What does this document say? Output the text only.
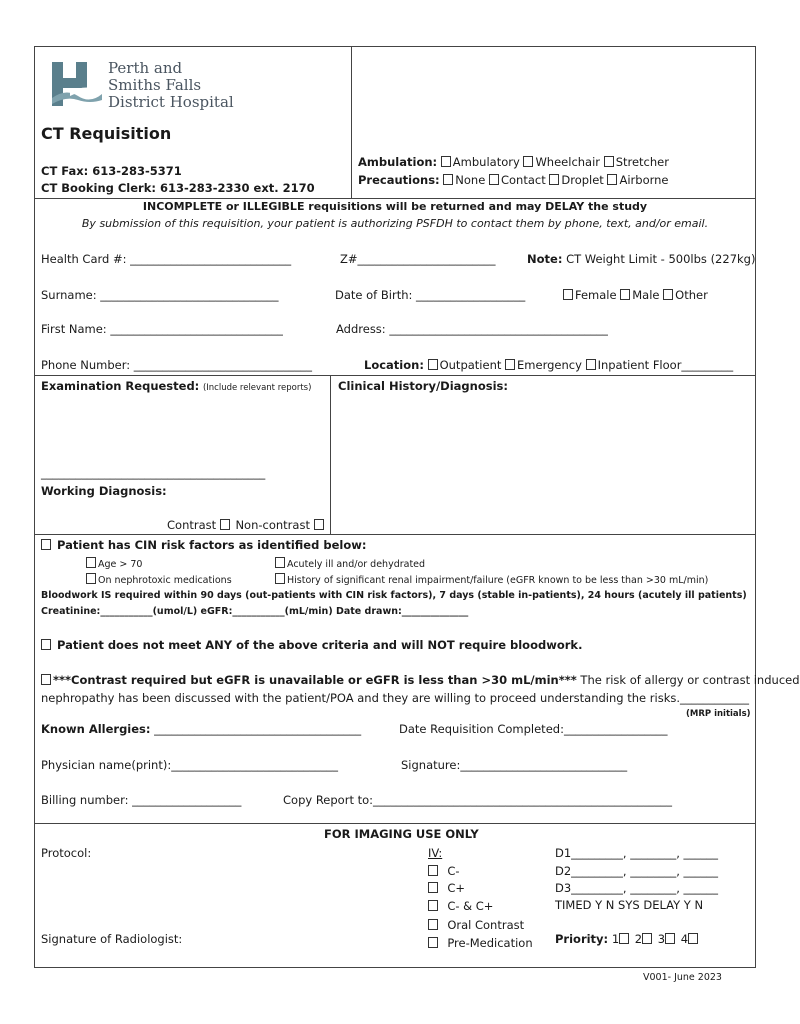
Perth and
Smiths Falls
District Hospital
CT Requisition
CT Fax: 613-283-5371
CT Booking Clerk: 613-283-2330 ext. 2170
Ambulation: Ambulatory Wheelchair Stretcher
Precautions: None Contact Droplet Airborne
INCOMPLETE or ILLEGIBLE requisitions will be returned and may DELAY the study
By submission of this requisition, your patient is authorizing PSFDH to contact them by phone, text, and/or email.
Health Card #: ____________________________	Z#________________________	Note: CT Weight Limit - 500lbs (227kg)
Surname: _______________________________	Date of Birth: ___________________	Female Male Other
First Name: ______________________________	Address: ______________________________________
Phone Number: _______________________________	Location: Outpatient Emergency Inpatient Floor_________
Examination Requested: (Include relevant reports)
_______________________________________
Working Diagnosis:
Contrast Non-contrast
Clinical History/Diagnosis:
Patient has CIN risk factors as identified below:
Age > 70	Acutely ill and/or dehydrated
On nephrotoxic medications	History of significant renal impairment/failure (eGFR known to be less than >30 mL/min)
Bloodwork IS required within 90 days (out-patients with CIN risk factors), 7 days (stable in-patients), 24 hours (acutely ill patients)
Creatinine:___________(umol/L) eGFR:___________(mL/min) Date drawn:______________
Patient does not meet ANY of the above criteria and will NOT require bloodwork.
***Contrast required but eGFR is unavailable or eGFR is less than >30 mL/min*** The risk of allergy or contrast induced
nephropathy has been discussed with the patient/POA and they are willing to proceed understanding the risks.____________
(MRP initials)
Known Allergies: ____________________________________	Date Requisition Completed:__________________
Physician name(print):_____________________________	Signature:_____________________________
Billing number: ___________________	Copy Report to:____________________________________________________
FOR IMAGING USE ONLY
Protocol:	IV:
C-
C+
C- & C+
Oral Contrast
Pre-Medication
D1_________, ________, ______
D2_________, ________, ______
D3_________, ________, ______
TIMED Y N SYS DELAY Y N
Signature of Radiologist:	Priority: 1 2 3 4
V001- June 2023
